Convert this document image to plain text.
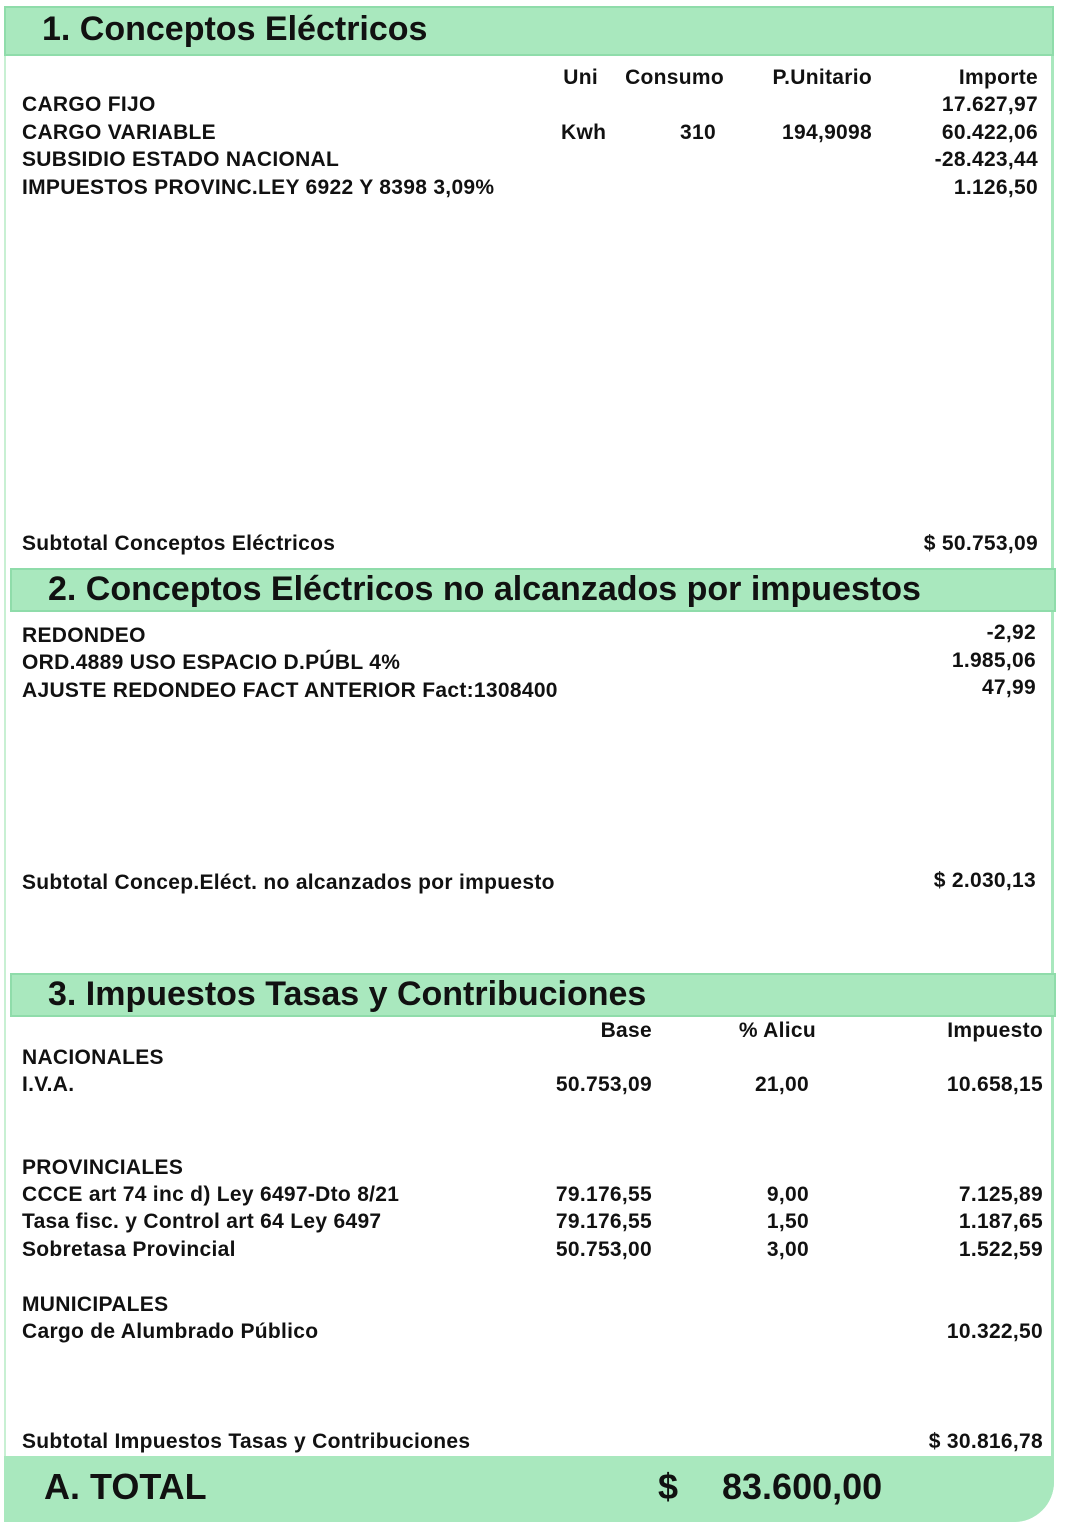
1. Conceptos Eléctricos
Uni	Consumo	P.Unitario	Importe
CARGO FIJO	17.627,97
CARGO VARIABLE	Kwh	310	194,9098	60.422,06
SUBSIDIO ESTADO NACIONAL	-28.423,44
IMPUESTOS PROVINC.LEY 6922 Y 8398 3,09%	1.126,50
Subtotal Conceptos Eléctricos	$ 50.753,09
2. Conceptos Eléctricos no alcanzados por impuestos
REDONDEO	-2,92
ORD.4889 USO ESPACIO D.PÚBL 4%	1.985,06
AJUSTE REDONDEO FACT ANTERIOR Fact:1308400	47,99
Subtotal Concep.Eléct. no alcanzados por impuesto	$ 2.030,13
3. Impuestos Tasas y Contribuciones
Base	% Alicu	Impuesto
NACIONALES
I.V.A.	50.753,09	21,00	10.658,15
PROVINCIALES
CCCE art 74 inc d) Ley 6497-Dto 8/21	79.176,55	9,00	7.125,89
Tasa fisc. y Control art 64 Ley 6497	79.176,55	1,50	1.187,65
Sobretasa Provincial	50.753,00	3,00	1.522,59
MUNICIPALES
Cargo de Alumbrado Público	10.322,50
Subtotal Impuestos Tasas y Contribuciones	$ 30.816,78
A. TOTAL	$ 83.600,00
